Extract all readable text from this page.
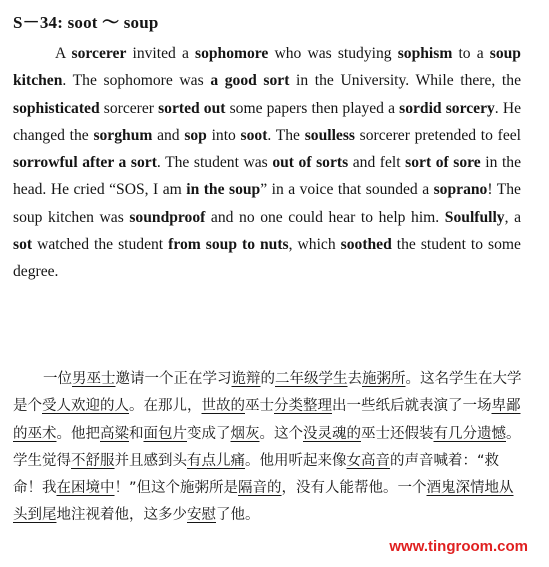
S－34: soot ～ soup
A sorcerer invited a sophomore who was studying sophism to a soup kitchen. The sophomore was a good sort in the University. While there, the sophisticated sorcerer sorted out some papers then played a sordid sorcery. He changed the sorghum and sop into soot. The soulless sorcerer pretended to feel sorrowful after a sort. The student was out of sorts and felt sort of sore in the head. He cried “SOS, I am in the soup” in a voice that sounded a soprano! The soup kitchen was soundproof and no one could hear to help him. Soulfully, a sot watched the student from soup to nuts, which soothed the student to some degree.
一位男巫士邀请一个正在学习诡辩的二年级学生去施粥所。这名学生在大学是个受人欢迎的人。在那儿，世故的巫士分类整理出一些纸后就表演了一场卑鄙的巫术。他把高粱和面包片变成了烟灰。这个没灵魂的巫士还假装有几分遗憾。学生觉得不舒服并且感到头有点儿痛。他用听起来像女高音的声音喊着：“救命！我在困境中！”但这个施粥所是隔音的，没有人能帮他。一个酒鬼深情地从头到尾地注视着他，这多少安慰了他。
www.tingroom.com
